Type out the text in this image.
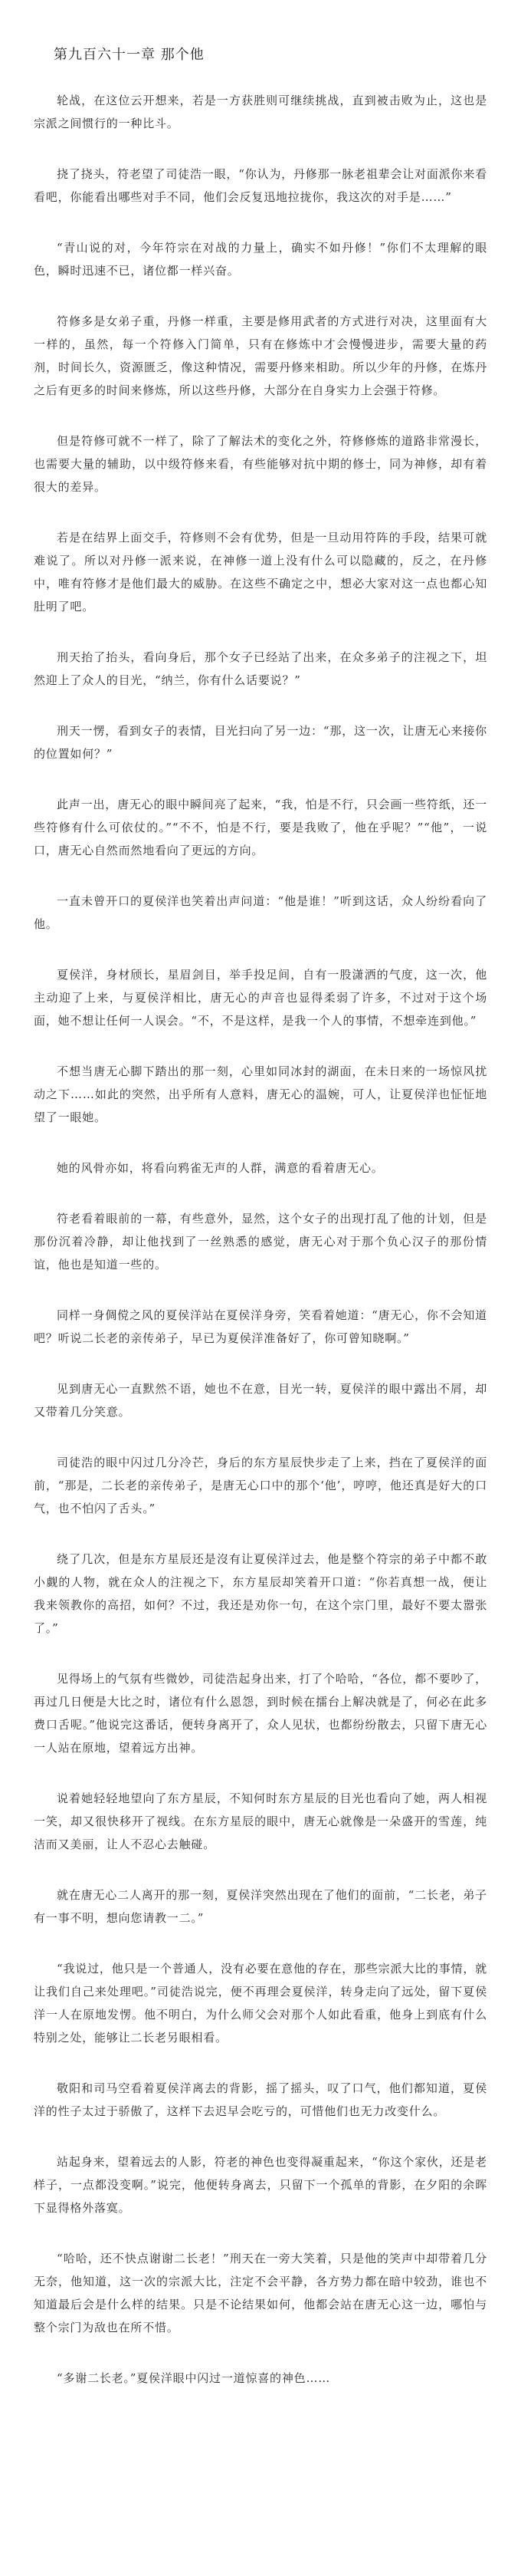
第九百六十一章 那个他

轮战，在这位云开想来，若是一方获胜则可继续挑战，直到被击败为止，这也是宗派之间惯行的一种比斗。

挠了挠头，符老望了司徒浩一眼，“你认为，丹修那一脉老祖辈会让对面派你来看看吧，你能看出哪些对手不同，他们会反复迅地拉拢你，我这次的对手是……”

“青山说的对，今年符宗在对战的力量上，确实不如丹修！”你们不太理解的眼色，瞬时迅速不已，诸位都一样兴奋。

符修多是女弟子重，丹修一样重，主要是修用武者的方式进行对决，这里面有大一样的，虽然，每一个符修入门简单，只有在修炼中才会慢慢进步，需要大量的药剂，时间长久，资源匮乏，像这种情况，需要丹修来相助。所以少年的丹修，在炼丹之后有更多的时间来修炼，所以这些丹修，大部分在自身实力上会强于符修。

但是符修可就不一样了，除了了解法术的变化之外，符修修炼的道路非常漫长，也需要大量的辅助，以中级符修来看，有些能够对抗中期的修士，同为神修，却有着很大的差异。

若是在结界上面交手，符修则不会有优势，但是一旦动用符阵的手段，结果可就难说了。所以对丹修一派来说，在神修一道上没有什么可以隐藏的，反之，在丹修中，唯有符修才是他们最大的威胁。在这些不确定之中，想必大家对这一点也都心知肚明了吧。

刑天抬了抬头，看向身后，那个女子已经站了出来，在众多弟子的注视之下，坦然迎上了众人的目光，“纳兰，你有什么话要说？”

刑天一愣，看到女子的表情，目光扫向了另一边：“那，这一次，让唐无心来接你的位置如何？”

此声一出，唐无心的眼中瞬间亮了起来，“我，怕是不行，只会画一些符纸，还一些符修有什么可依仗的。”“不不，怕是不行，要是我败了，他在乎呢？”“他”，一说口，唐无心自然而然地看向了更远的方向。

一直未曾开口的夏侯洋也笑着出声问道：“他是谁！”听到这话，众人纷纷看向了他。

夏侯洋，身材颀长，星眉剑目，举手投足间，自有一股潇洒的气度，这一次，他主动迎了上来，与夏侯洋相比，唐无心的声音也显得柔弱了许多，不过对于这个场面，她不想让任何一人误会。“不，不是这样，是我一个人的事情，不想牵连到他。”

不想当唐无心脚下踏出的那一刻，心里如同冰封的湖面，在未日来的一场惊风扰动之下……如此的突然，出乎所有人意料，唐无心的温婉，可人，让夏侯洋也怔怔地望了一眼她。

她的风骨亦如，将看向鸦雀无声的人群，满意的看着唐无心。

符老看着眼前的一幕，有些意外，显然，这个女子的出现打乱了他的计划，但是那份沉着冷静，却让他找到了一丝熟悉的感觉，唐无心对于那个负心汉子的那份情谊，他也是知道一些的。

同样一身倜傥之风的夏侯洋站在夏侯洋身旁，笑看着她道：“唐无心，你不会知道吧？听说二长老的亲传弟子，早已为夏侯洋准备好了，你可曾知晓啊。”

见到唐无心一直默然不语，她也不在意，目光一转，夏侯洋的眼中露出不屑，却又带着几分笑意。

司徒浩的眼中闪过几分冷芒，身后的东方星辰快步走了上来，挡在了夏侯洋的面前，“那是，二长老的亲传弟子，是唐无心口中的那个‘他’，哼哼，他还真是好大的口气，也不怕闪了舌头。”

绕了几次，但是东方星辰还是沒有让夏侯洋过去，他是整个符宗的弟子中都不敢小觑的人物，就在众人的注视之下，东方星辰却笑着开口道：“你若真想一战，便让我来领教你的高招，如何？不过，我还是劝你一句，在这个宗门里，最好不要太嚣张了。”

见得场上的气氛有些微妙，司徒浩起身出来，打了个哈哈，“各位，都不要吵了，再过几日便是大比之时，诸位有什么恩怨，到时候在擂台上解决就是了，何必在此多费口舌呢。”他说完这番话，便转身离开了，众人见状，也都纷纷散去，只留下唐无心一人站在原地，望着远方出神。

说着她轻轻地望向了东方星辰，不知何时东方星辰的目光也看向了她，两人相视一笑，却又很快移开了视线。在东方星辰的眼中，唐无心就像是一朵盛开的雪莲，纯洁而又美丽，让人不忍心去触碰。

就在唐无心二人离开的那一刻，夏侯洋突然出现在了他们的面前，“二长老，弟子有一事不明，想向您请教一二。”

“我说过，他只是一个普通人，没有必要在意他的存在，那些宗派大比的事情，就让我们自己来处理吧。”司徒浩说完，便不再理会夏侯洋，转身走向了远处，留下夏侯洋一人在原地发愣。他不明白，为什么师父会对那个人如此看重，他身上到底有什么特别之处，能够让二长老另眼相看。

敬阳和司马空看着夏侯洋离去的背影，摇了摇头，叹了口气，他们都知道，夏侯洋的性子太过于骄傲了，这样下去迟早会吃亏的，可惜他们也无力改变什么。

站起身来，望着远去的人影，符老的神色也变得凝重起来，“你这个家伙，还是老样子，一点都没变啊。”说完，他便转身离去，只留下一个孤单的背影，在夕阳的余晖下显得格外落寞。

“哈哈，还不快点谢谢二长老！”刑天在一旁大笑着，只是他的笑声中却带着几分无奈，他知道，这一次的宗派大比，注定不会平静，各方势力都在暗中较劲，谁也不知道最后会是什么样的结果。只是不论结果如何，他都会站在唐无心这一边，哪怕与整个宗门为敌也在所不惜。

“多谢二长老。”夏侯洋眼中闪过一道惊喜的神色……
